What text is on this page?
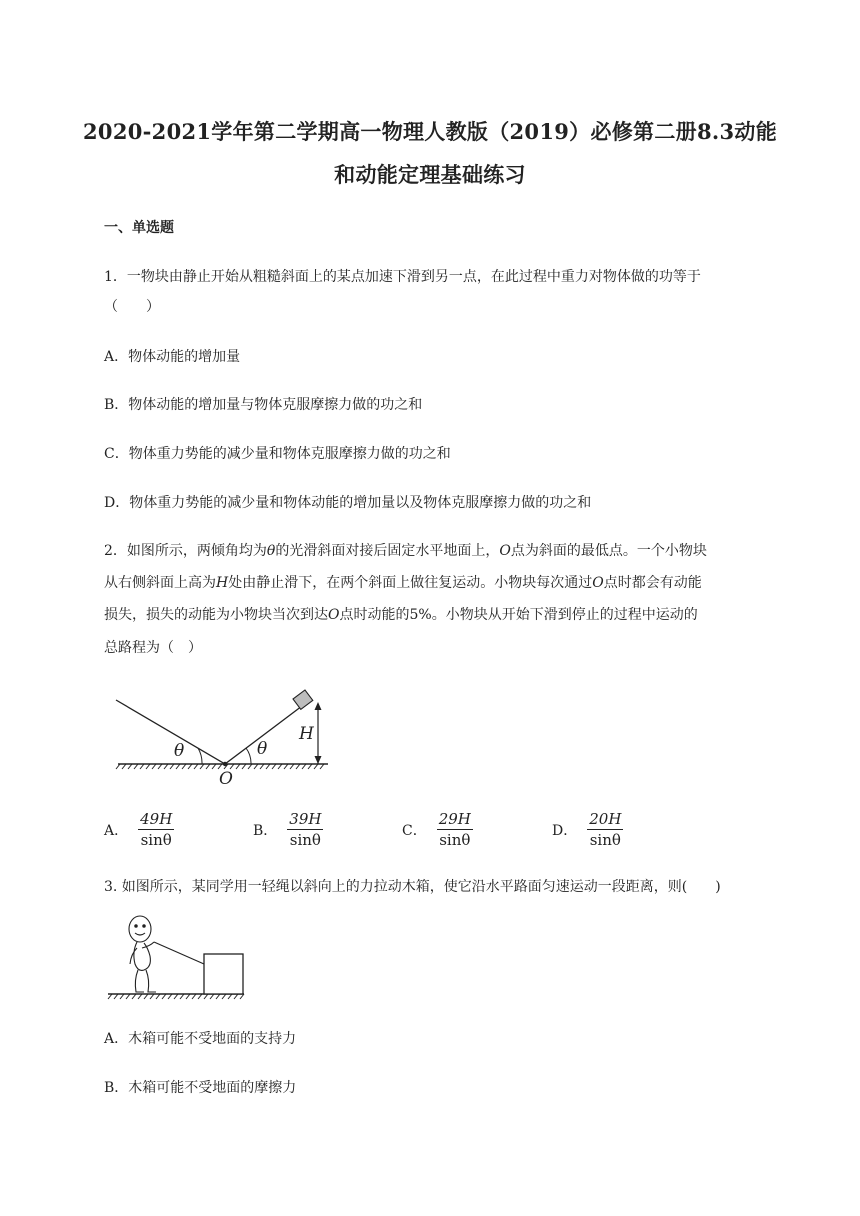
2020-2021学年第二学期高一物理人教版（2019）必修第二册8.3动能
和动能定理基础练习
一、单选题
1．一物块由静止开始从粗糙斜面上的某点加速下滑到另一点，在此过程中重力对物体做的功等于
（　　）
A．物体动能的增加量
B．物体动能的增加量与物体克服摩擦力做的功之和
C．物体重力势能的减少量和物体克服摩擦力做的功之和
D．物体重力势能的减少量和物体动能的增加量以及物体克服摩擦力做的功之和
2．如图所示，两倾角均为θ的光滑斜面对接后固定水平地面上，O点为斜面的最低点。一个小物块
从右侧斜面上高为H处由静止滑下，在两个斜面上做往复运动。小物块每次通过O点时都会有动能
损失，损失的动能为小物块当次到达O点时动能的5%。小物块从开始下滑到停止的过程中运动的
总路程为（　）
θ	θ
H
O
A． $\frac{49H}{\sin\theta}$	B． $\frac{39H}{\sin\theta}$	C． $\frac{29H}{\sin\theta}$	D． $\frac{20H}{\sin\theta}$
3. 如图所示，某同学用一轻绳以斜向上的力拉动木箱，使它沿水平路面匀速运动一段距离，则(　　)
A．木箱可能不受地面的支持力
B．木箱可能不受地面的摩擦力
